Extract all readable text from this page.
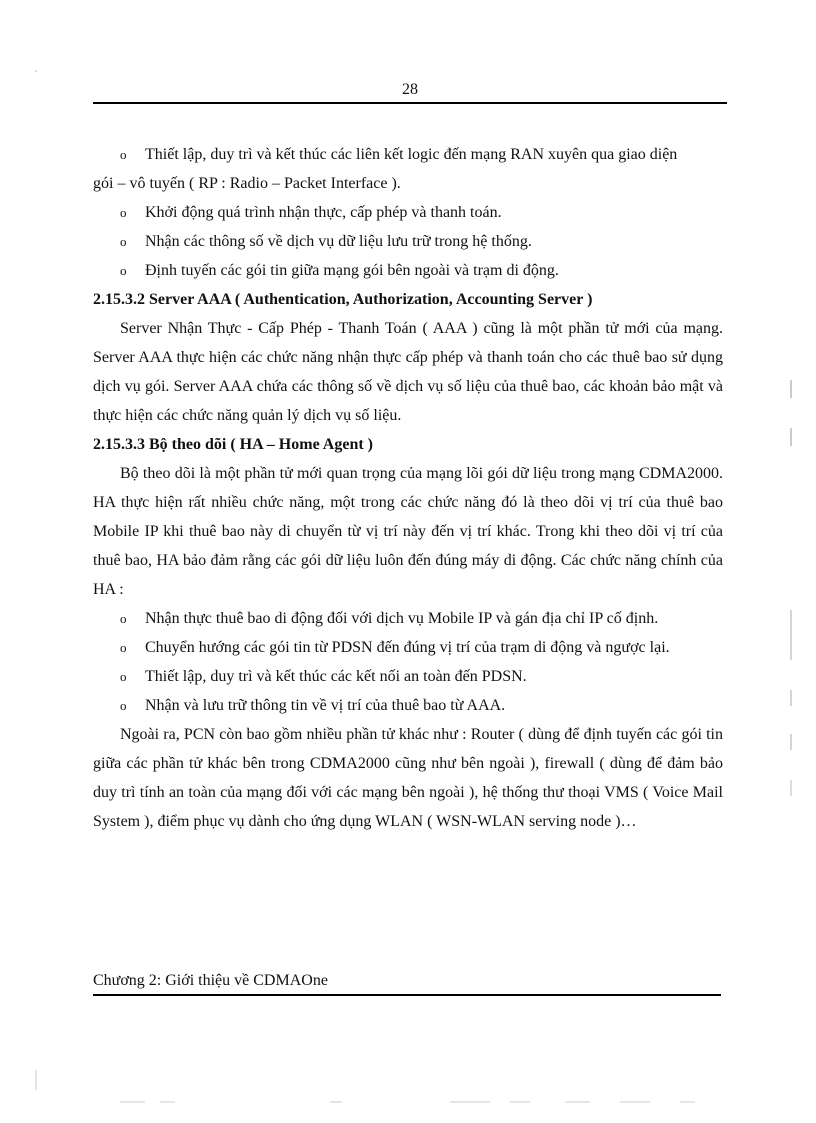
28
o	Thiết lập, duy trì và kết thúc các liên kết logic đến mạng RAN xuyên qua giao diện

gói – vô tuyến ( RP : Radio – Packet Interface ).

o	Khởi động quá trình nhận thực, cấp phép và thanh toán.
o	Nhận các thông số về dịch vụ dữ liệu lưu trữ trong hệ thống.
o	Định tuyến các gói tin giữa mạng gói bên ngoài và trạm di động.

2.15.3.2 Server AAA ( Authentication, Authorization, Accounting Server )

Server Nhận Thực - Cấp Phép - Thanh Toán ( AAA ) cũng là một phần tử mới của mạng. Server AAA thực hiện các chức năng nhận thực cấp phép và thanh toán cho các thuê bao sử dụng dịch vụ gói. Server AAA chứa các thông số về dịch vụ số liệu của thuê bao, các khoản bảo mật và thực hiện các chức năng quản lý dịch vụ số liệu.

2.15.3.3 Bộ theo dõi ( HA – Home Agent )

Bộ theo dõi là một phần tử mới quan trọng của mạng lõi gói dữ liệu trong mạng CDMA2000. HA thực hiện rất nhiều chức năng, một trong các chức năng đó là theo dõi vị trí của thuê bao Mobile IP khi thuê bao này di chuyển từ vị trí này đến vị trí khác. Trong khi theo dõi vị trí của thuê bao, HA bảo đảm rằng các gói dữ liệu luôn đến đúng máy di động. Các chức năng chính của HA :

o	Nhận thực thuê bao di động đối với dịch vụ Mobile IP và gán địa chỉ IP cố định.
o	Chuyển hướng các gói tin từ PDSN đến đúng vị trí của trạm di động và ngược lại.
o	Thiết lập, duy trì và kết thúc các kết nối an toàn đến PDSN.
o	Nhận và lưu trữ thông tin về vị trí của thuê bao từ AAA.

Ngoài ra, PCN còn bao gồm nhiều phần tử khác như : Router ( dùng để định tuyến các gói tin giữa các phần tử khác bên trong CDMA2000 cũng như bên ngoài ), firewall ( dùng để đảm bảo duy trì tính an toàn của mạng đối với các mạng bên ngoài ), hệ thống thư thoại VMS ( Voice Mail System ), điểm phục vụ dành cho ứng dụng WLAN ( WSN-WLAN serving node )…

Chương 2: Giới thiệu về CDMAOne
